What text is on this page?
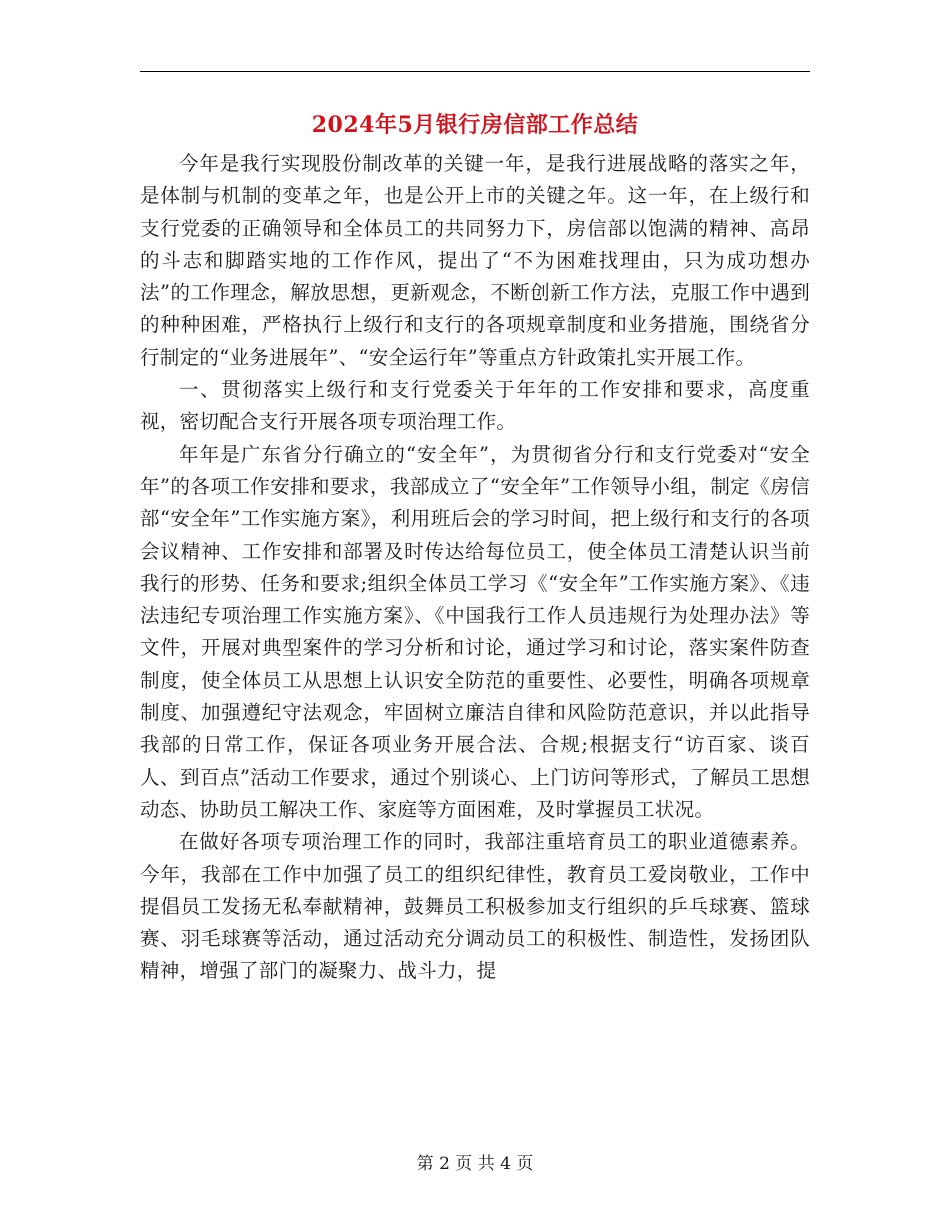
2024年5月银行房信部工作总结

今年是我行实现股份制改革的关键一年，是我行进展战略的落实之年，是体制与机制的变革之年，也是公开上市的关键之年。这一年，在上级行和支行党委的正确领导和全体员工的共同努力下，房信部以饱满的精神、高昂的斗志和脚踏实地的工作作风，提出了“不为困难找理由，只为成功想办法”的工作理念，解放思想，更新观念，不断创新工作方法，克服工作中遇到的种种困难，严格执行上级行和支行的各项规章制度和业务措施，围绕省分行制定的“业务进展年”、“安全运行年”等重点方针政策扎实开展工作。

一、贯彻落实上级行和支行党委关于年年的工作安排和要求，高度重视，密切配合支行开展各项专项治理工作。

年年是广东省分行确立的“安全年”，为贯彻省分行和支行党委对“安全年”的各项工作安排和要求，我部成立了“安全年”工作领导小组，制定《房信部“安全年”工作实施方案》，利用班后会的学习时间，把上级行和支行的各项会议精神、工作安排和部署及时传达给每位员工，使全体员工清楚认识当前我行的形势、任务和要求;组织全体员工学习《“安全年”工作实施方案》、《违法违纪专项治理工作实施方案》、《中国我行工作人员违规行为处理办法》等文件，开展对典型案件的学习分析和讨论，通过学习和讨论，落实案件防查制度，使全体员工从思想上认识安全防范的重要性、必要性，明确各项规章制度、加强遵纪守法观念，牢固树立廉洁自律和风险防范意识，并以此指导我部的日常工作，保证各项业务开展合法、合规;根据支行“访百家、谈百人、到百点”活动工作要求，通过个别谈心、上门访问等形式，了解员工思想动态、协助员工解决工作、家庭等方面困难，及时掌握员工状况。

在做好各项专项治理工作的同时，我部注重培育员工的职业道德素养。今年，我部在工作中加强了员工的组织纪律性，教育员工爱岗敬业，工作中提倡员工发扬无私奉献精神，鼓舞员工积极参加支行组织的乒乓球赛、篮球赛、羽毛球赛等活动，通过活动充分调动员工的积极性、制造性，发扬团队精神，增强了部门的凝聚力、战斗力，提

第 2 页 共 4 页
